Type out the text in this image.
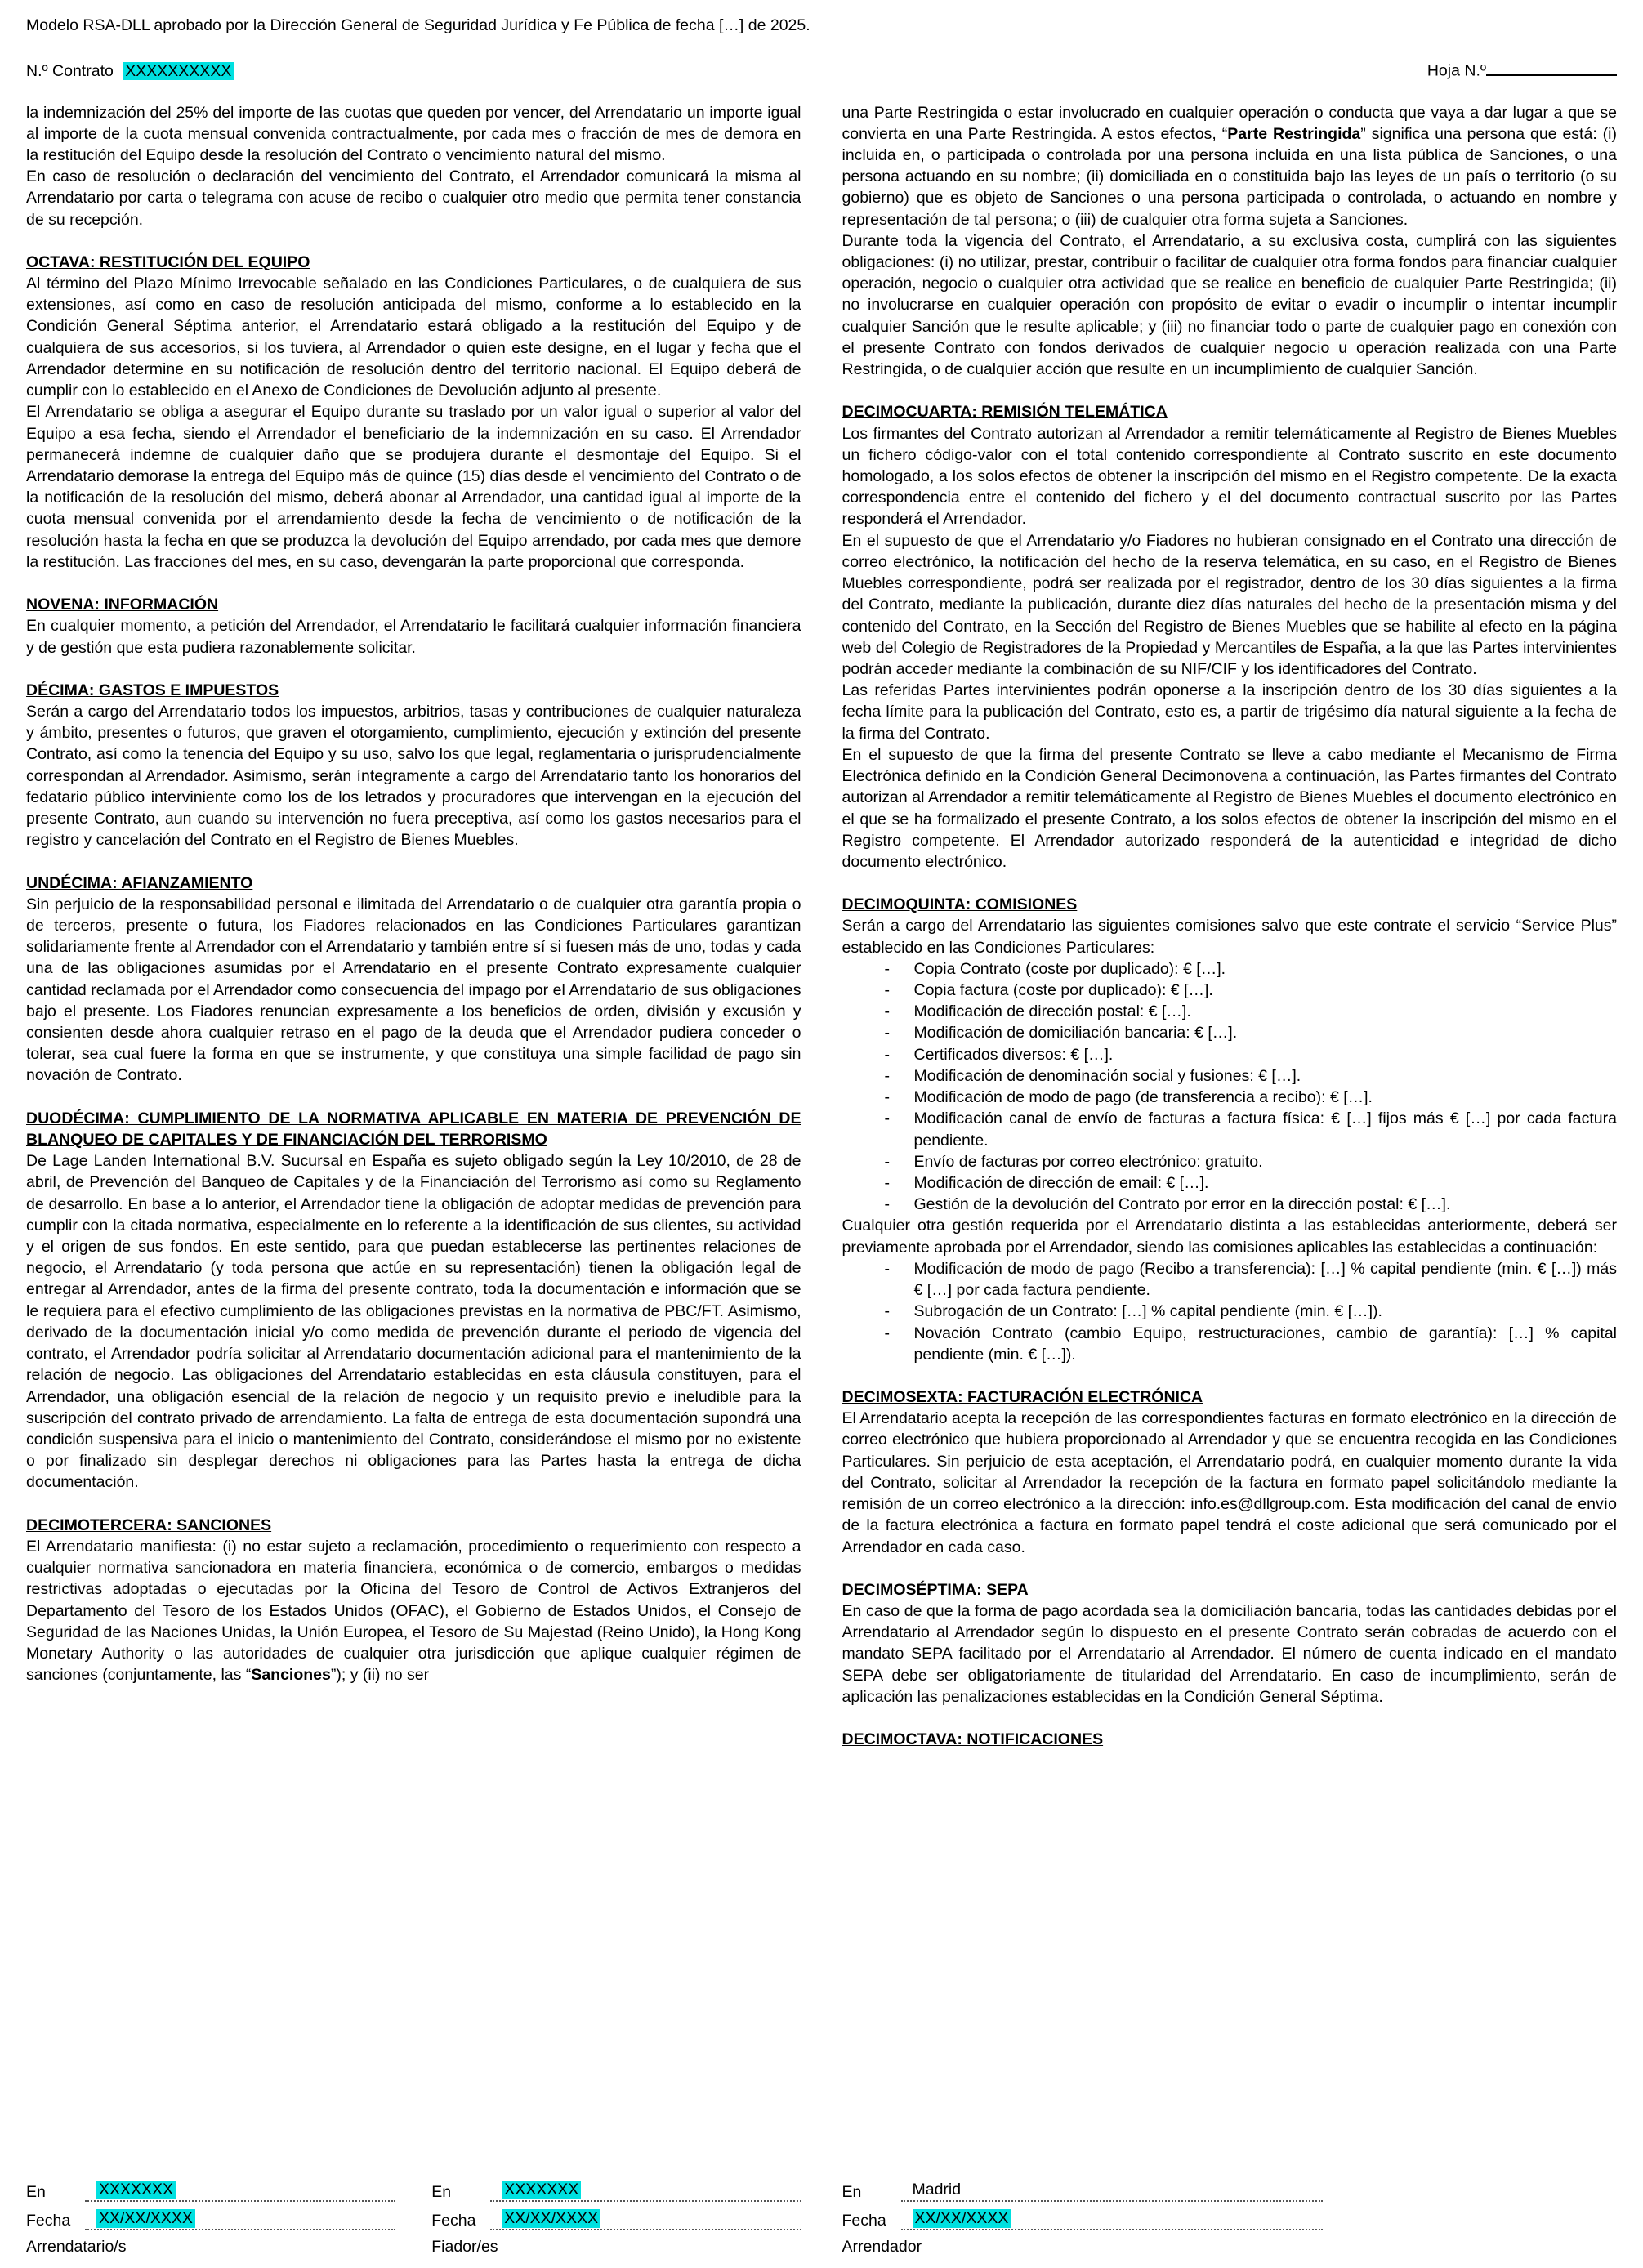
Modelo RSA-DLL aprobado por la Dirección General de Seguridad Jurídica y Fe Pública de fecha […] de 2025.
N.º Contrato XXXXXXXXXX	Hoja N.º

la indemnización del 25% del importe de las cuotas que queden por vencer, del Arrendatario un importe igual al importe de la cuota mensual convenida contractualmente, por cada mes o fracción de mes de demora en la restitución del Equipo desde la resolución del Contrato o vencimiento natural del mismo.

En caso de resolución o declaración del vencimiento del Contrato, el Arrendador comunicará la misma al Arrendatario por carta o telegrama con acuse de recibo o cualquier otro medio que permita tener constancia de su recepción.

OCTAVA: RESTITUCIÓN DEL EQUIPO

Al término del Plazo Mínimo Irrevocable señalado en las Condiciones Particulares, o de cualquiera de sus extensiones, así como en caso de resolución anticipada del mismo, conforme a lo establecido en la Condición General Séptima anterior, el Arrendatario estará obligado a la restitución del Equipo y de cualquiera de sus accesorios, si los tuviera, al Arrendador o quien este designe, en el lugar y fecha que el Arrendador determine en su notificación de resolución dentro del territorio nacional. El Equipo deberá de cumplir con lo establecido en el Anexo de Condiciones de Devolución adjunto al presente.

El Arrendatario se obliga a asegurar el Equipo durante su traslado por un valor igual o superior al valor del Equipo a esa fecha, siendo el Arrendador el beneficiario de la indemnización en su caso. El Arrendador permanecerá indemne de cualquier daño que se produjera durante el desmontaje del Equipo. Si el Arrendatario demorase la entrega del Equipo más de quince (15) días desde el vencimiento del Contrato o de la notificación de la resolución del mismo, deberá abonar al Arrendador, una cantidad igual al importe de la cuota mensual convenida por el arrendamiento desde la fecha de vencimiento o de notificación de la resolución hasta la fecha en que se produzca la devolución del Equipo arrendado, por cada mes que demore la restitución. Las fracciones del mes, en su caso, devengarán la parte proporcional que corresponda.

NOVENA: INFORMACIÓN

En cualquier momento, a petición del Arrendador, el Arrendatario le facilitará cualquier información financiera y de gestión que esta pudiera razonablemente solicitar.

DÉCIMA: GASTOS E IMPUESTOS

Serán a cargo del Arrendatario todos los impuestos, arbitrios, tasas y contribuciones de cualquier naturaleza y ámbito, presentes o futuros, que graven el otorgamiento, cumplimiento, ejecución y extinción del presente Contrato, así como la tenencia del Equipo y su uso, salvo los que legal, reglamentaria o jurisprudencialmente correspondan al Arrendador. Asimismo, serán íntegramente a cargo del Arrendatario tanto los honorarios del fedatario público interviniente como los de los letrados y procuradores que intervengan en la ejecución del presente Contrato, aun cuando su intervención no fuera preceptiva, así como los gastos necesarios para el registro y cancelación del Contrato en el Registro de Bienes Muebles.

UNDÉCIMA: AFIANZAMIENTO

Sin perjuicio de la responsabilidad personal e ilimitada del Arrendatario o de cualquier otra garantía propia o de terceros, presente o futura, los Fiadores relacionados en las Condiciones Particulares garantizan solidariamente frente al Arrendador con el Arrendatario y también entre sí si fuesen más de uno, todas y cada una de las obligaciones asumidas por el Arrendatario en el presente Contrato expresamente cualquier cantidad reclamada por el Arrendador como consecuencia del impago por el Arrendatario de sus obligaciones bajo el presente. Los Fiadores renuncian expresamente a los beneficios de orden, división y excusión y consienten desde ahora cualquier retraso en el pago de la deuda que el Arrendador pudiera conceder o tolerar, sea cual fuere la forma en que se instrumente, y que constituya una simple facilidad de pago sin novación de Contrato.

DUODÉCIMA: CUMPLIMIENTO DE LA NORMATIVA APLICABLE EN MATERIA DE PREVENCIÓN DE BLANQUEO DE CAPITALES Y DE FINANCIACIÓN DEL TERRORISMO

De Lage Landen International B.V. Sucursal en España es sujeto obligado según la Ley 10/2010, de 28 de abril, de Prevención del Banqueo de Capitales y de la Financiación del Terrorismo así como su Reglamento de desarrollo. En base a lo anterior, el Arrendador tiene la obligación de adoptar medidas de prevención para cumplir con la citada normativa, especialmente en lo referente a la identificación de sus clientes, su actividad y el origen de sus fondos. En este sentido, para que puedan establecerse las pertinentes relaciones de negocio, el Arrendatario (y toda persona que actúe en su representación) tienen la obligación legal de entregar al Arrendador, antes de la firma del presente contrato, toda la documentación e información que se le requiera para el efectivo cumplimiento de las obligaciones previstas en la normativa de PBC/FT. Asimismo, derivado de la documentación inicial y/o como medida de prevención durante el periodo de vigencia del contrato, el Arrendador podría solicitar al Arrendatario documentación adicional para el mantenimiento de la relación de negocio. Las obligaciones del Arrendatario establecidas en esta cláusula constituyen, para el Arrendador, una obligación esencial de la relación de negocio y un requisito previo e ineludible para la suscripción del contrato privado de arrendamiento. La falta de entrega de esta documentación supondrá una condición suspensiva para el inicio o mantenimiento del Contrato, considerándose el mismo por no existente o por finalizado sin desplegar derechos ni obligaciones para las Partes hasta la entrega de dicha documentación.

DECIMOTERCERA: SANCIONES

El Arrendatario manifiesta: (i) no estar sujeto a reclamación, procedimiento o requerimiento con respecto a cualquier normativa sancionadora en materia financiera, económica o de comercio, embargos o medidas restrictivas adoptadas o ejecutadas por la Oficina del Tesoro de Control de Activos Extranjeros del Departamento del Tesoro de los Estados Unidos (OFAC), el Gobierno de Estados Unidos, el Consejo de Seguridad de las Naciones Unidas, la Unión Europea, el Tesoro de Su Majestad (Reino Unido), la Hong Kong Monetary Authority o las autoridades de cualquier otra jurisdicción que aplique cualquier régimen de sanciones (conjuntamente, las “Sanciones”); y (ii) no ser

una Parte Restringida o estar involucrado en cualquier operación o conducta que vaya a dar lugar a que se convierta en una Parte Restringida. A estos efectos, “Parte Restringida” significa una persona que está: (i) incluida en, o participada o controlada por una persona incluida en una lista pública de Sanciones, o una persona actuando en su nombre; (ii) domiciliada en o constituida bajo las leyes de un país o territorio (o su gobierno) que es objeto de Sanciones o una persona participada o controlada, o actuando en nombre y representación de tal persona; o (iii) de cualquier otra forma sujeta a Sanciones.

Durante toda la vigencia del Contrato, el Arrendatario, a su exclusiva costa, cumplirá con las siguientes obligaciones: (i) no utilizar, prestar, contribuir o facilitar de cualquier otra forma fondos para financiar cualquier operación, negocio o cualquier otra actividad que se realice en beneficio de cualquier Parte Restringida; (ii) no involucrarse en cualquier operación con propósito de evitar o evadir o incumplir o intentar incumplir cualquier Sanción que le resulte aplicable; y (iii) no financiar todo o parte de cualquier pago en conexión con el presente Contrato con fondos derivados de cualquier negocio u operación realizada con una Parte Restringida, o de cualquier acción que resulte en un incumplimiento de cualquier Sanción.

DECIMOCUARTA: REMISIÓN TELEMÁTICA

Los firmantes del Contrato autorizan al Arrendador a remitir telemáticamente al Registro de Bienes Muebles un fichero código-valor con el total contenido correspondiente al Contrato suscrito en este documento homologado, a los solos efectos de obtener la inscripción del mismo en el Registro competente. De la exacta correspondencia entre el contenido del fichero y el del documento contractual suscrito por las Partes responderá el Arrendador.

En el supuesto de que el Arrendatario y/o Fiadores no hubieran consignado en el Contrato una dirección de correo electrónico, la notificación del hecho de la reserva telemática, en su caso, en el Registro de Bienes Muebles correspondiente, podrá ser realizada por el registrador, dentro de los 30 días siguientes a la firma del Contrato, mediante la publicación, durante diez días naturales del hecho de la presentación misma y del contenido del Contrato, en la Sección del Registro de Bienes Muebles que se habilite al efecto en la página web del Colegio de Registradores de la Propiedad y Mercantiles de España, a la que las Partes intervinientes podrán acceder mediante la combinación de su NIF/CIF y los identificadores del Contrato.

Las referidas Partes intervinientes podrán oponerse a la inscripción dentro de los 30 días siguientes a la fecha límite para la publicación del Contrato, esto es, a partir de trigésimo día natural siguiente a la fecha de la firma del Contrato.

En el supuesto de que la firma del presente Contrato se lleve a cabo mediante el Mecanismo de Firma Electrónica definido en la Condición General Decimonovena a continuación, las Partes firmantes del Contrato autorizan al Arrendador a remitir telemáticamente al Registro de Bienes Muebles el documento electrónico en el que se ha formalizado el presente Contrato, a los solos efectos de obtener la inscripción del mismo en el Registro competente. El Arrendador autorizado responderá de la autenticidad e integridad de dicho documento electrónico.

DECIMOQUINTA: COMISIONES

Serán a cargo del Arrendatario las siguientes comisiones salvo que este contrate el servicio “Service Plus” establecido en las Condiciones Particulares:

-	Copia Contrato (coste por duplicado): € […].
-	Copia factura (coste por duplicado): € […].
-	Modificación de dirección postal: € […].
-	Modificación de domiciliación bancaria: € […].
-	Certificados diversos: € […].
-	Modificación de denominación social y fusiones: € […].
-	Modificación de modo de pago (de transferencia a recibo): € […].
-	Modificación canal de envío de facturas a factura física: € […] fijos más € […] por cada factura pendiente.
-	Envío de facturas por correo electrónico: gratuito.
-	Modificación de dirección de email: € […].
-	Gestión de la devolución del Contrato por error en la dirección postal: € […].

Cualquier otra gestión requerida por el Arrendatario distinta a las establecidas anteriormente, deberá ser previamente aprobada por el Arrendador, siendo las comisiones aplicables las establecidas a continuación:

-	Modificación de modo de pago (Recibo a transferencia): […] % capital pendiente (min. € […]) más € […] por cada factura pendiente.
-	Subrogación de un Contrato: […] % capital pendiente (min. € […]).
-	Novación Contrato (cambio Equipo, restructuraciones, cambio de garantía): […] % capital pendiente (min. € […]).
DECIMOSEXTA: FACTURACIÓN ELECTRÓNICA

El Arrendatario acepta la recepción de las correspondientes facturas en formato electrónico en la dirección de correo electrónico que hubiera proporcionado al Arrendador y que se encuentra recogida en las Condiciones Particulares. Sin perjuicio de esta aceptación, el Arrendatario podrá, en cualquier momento durante la vida del Contrato, solicitar al Arrendador la recepción de la factura en formato papel solicitándolo mediante la remisión de un correo electrónico a la dirección: info.es@dllgroup.com. Esta modificación del canal de envío de la factura electrónica a factura en formato papel tendrá el coste adicional que será comunicado por el Arrendador en cada caso.

DECIMOSÉPTIMA: SEPA

En caso de que la forma de pago acordada sea la domiciliación bancaria, todas las cantidades debidas por el Arrendatario al Arrendador según lo dispuesto en el presente Contrato serán cobradas de acuerdo con el mandato SEPA facilitado por el Arrendatario al Arrendador. El número de cuenta indicado en el mandato SEPA debe ser obligatoriamente de titularidad del Arrendatario. En caso de incumplimiento, serán de aplicación las penalizaciones establecidas en la Condición General Séptima.

DECIMOCTAVA: NOTIFICACIONES
En	XXXXXXX
Fecha	XX/XX/XXXX
Arrendatario/s
En	XXXXXXX
Fecha	XX/XX/XXXX
Fiador/es
En	Madrid
Fecha	XX/XX/XXXX
Arrendador
